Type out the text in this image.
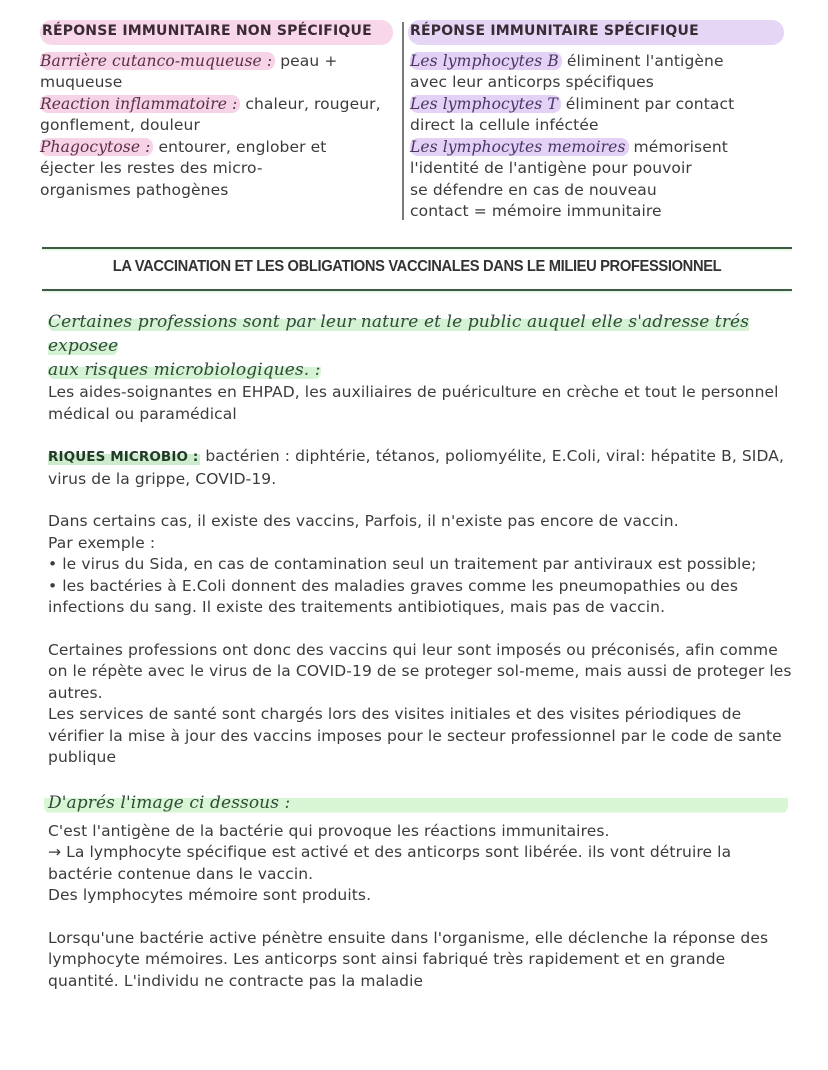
RÉPONSE IMMUNITAIRE NON SPÉCIFIQUE
Barrière cutanco-muqueuse : peau +
muqueuse
Reaction inflammatoire : chaleur, rougeur,
gonflement, douleur
Phagocytose : entourer, englober et
éjecter les restes des micro-
organismes pathogènes
RÉPONSE IMMUNITAIRE SPÉCIFIQUE
Les lymphocytes B éliminent l'antigène
avec leur anticorps spécifiques
Les lymphocytes T éliminent par contact
direct la cellule inféctée
Les lymphocytes memoires mémorisent
l'identité de l'antigène pour pouvoir
se défendre en cas de nouveau
contact = mémoire immunitaire
LA VACCINATION ET LES OBLIGATIONS VACCINALES DANS LE MILIEU PROFESSIONNEL
Certaines professions sont par leur nature et le public auquel elle s'adresse trés exposee
aux risques microbiologiques. :

Les aides-soignantes en EHPAD, les auxiliaires de puériculture en crèche et tout le personnel médical ou paramédical

RIQUES MICROBIO : bactérien : diphtérie, tétanos, poliomyélite, E.Coli, viral: hépatite B, SIDA, virus de la grippe, COVID-19.

Dans certains cas, il existe des vaccins, Parfois, il n'existe pas encore de vaccin.

Par exemple :

• le virus du Sida, en cas de contamination seul un traitement par antiviraux est possible;

• les bactéries à E.Coli donnent des maladies graves comme les pneumopathies ou des infections du sang. Il existe des traitements antibiotiques, mais pas de vaccin.

Certaines professions ont donc des vaccins qui leur sont imposés ou préconisés, afin comme on le répète avec le virus de la COVID-19 de se proteger sol-meme, mais aussi de proteger les autres.

Les services de santé sont chargés lors des visites initiales et des visites périodiques de vérifier la mise à jour des vaccins imposes pour le secteur professionnel par le code de sante publique

D'aprés l'image ci dessous :

C'est l'antigène de la bactérie qui provoque les réactions immunitaires.

→ La lymphocyte spécifique est activé et des anticorps sont libérée. ils vont détruire la bactérie contenue dans le vaccin.

Des lymphocytes mémoire sont produits.

Lorsqu'une bactérie active pénètre ensuite dans l'organisme, elle déclenche la réponse des lymphocyte mémoires. Les anticorps sont ainsi fabriqué très rapidement et en grande quantité. L'individu ne contracte pas la maladie
